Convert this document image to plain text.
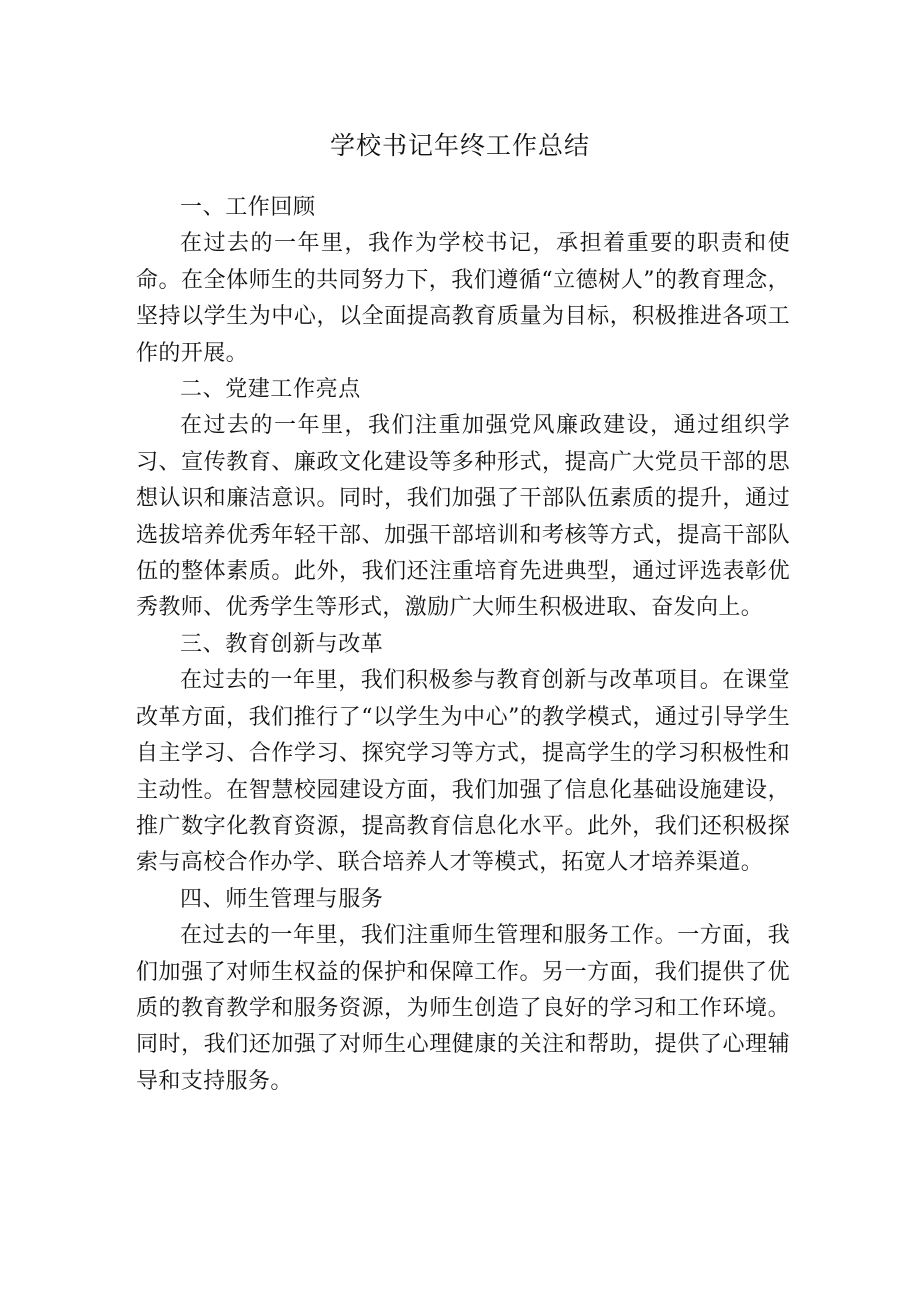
学校书记年终工作总结

一、工作回顾

在过去的一年里，我作为学校书记，承担着重要的职责和使命。在全体师生的共同努力下，我们遵循“立德树人”的教育理念，坚持以学生为中心，以全面提高教育质量为目标，积极推进各项工作的开展。

二、党建工作亮点

在过去的一年里，我们注重加强党风廉政建设，通过组织学习、宣传教育、廉政文化建设等多种形式，提高广大党员干部的思想认识和廉洁意识。同时，我们加强了干部队伍素质的提升，通过选拔培养优秀年轻干部、加强干部培训和考核等方式，提高干部队伍的整体素质。此外，我们还注重培育先进典型，通过评选表彰优秀教师、优秀学生等形式，激励广大师生积极进取、奋发向上。

三、教育创新与改革

在过去的一年里，我们积极参与教育创新与改革项目。在课堂改革方面，我们推行了“以学生为中心”的教学模式，通过引导学生自主学习、合作学习、探究学习等方式，提高学生的学习积极性和主动性。在智慧校园建设方面，我们加强了信息化基础设施建设，推广数字化教育资源，提高教育信息化水平。此外，我们还积极探索与高校合作办学、联合培养人才等模式，拓宽人才培养渠道。

四、师生管理与服务

在过去的一年里，我们注重师生管理和服务工作。一方面，我们加强了对师生权益的保护和保障工作。另一方面，我们提供了优质的教育教学和服务资源，为师生创造了良好的学习和工作环境。同时，我们还加强了对师生心理健康的关注和帮助，提供了心理辅导和支持服务。
